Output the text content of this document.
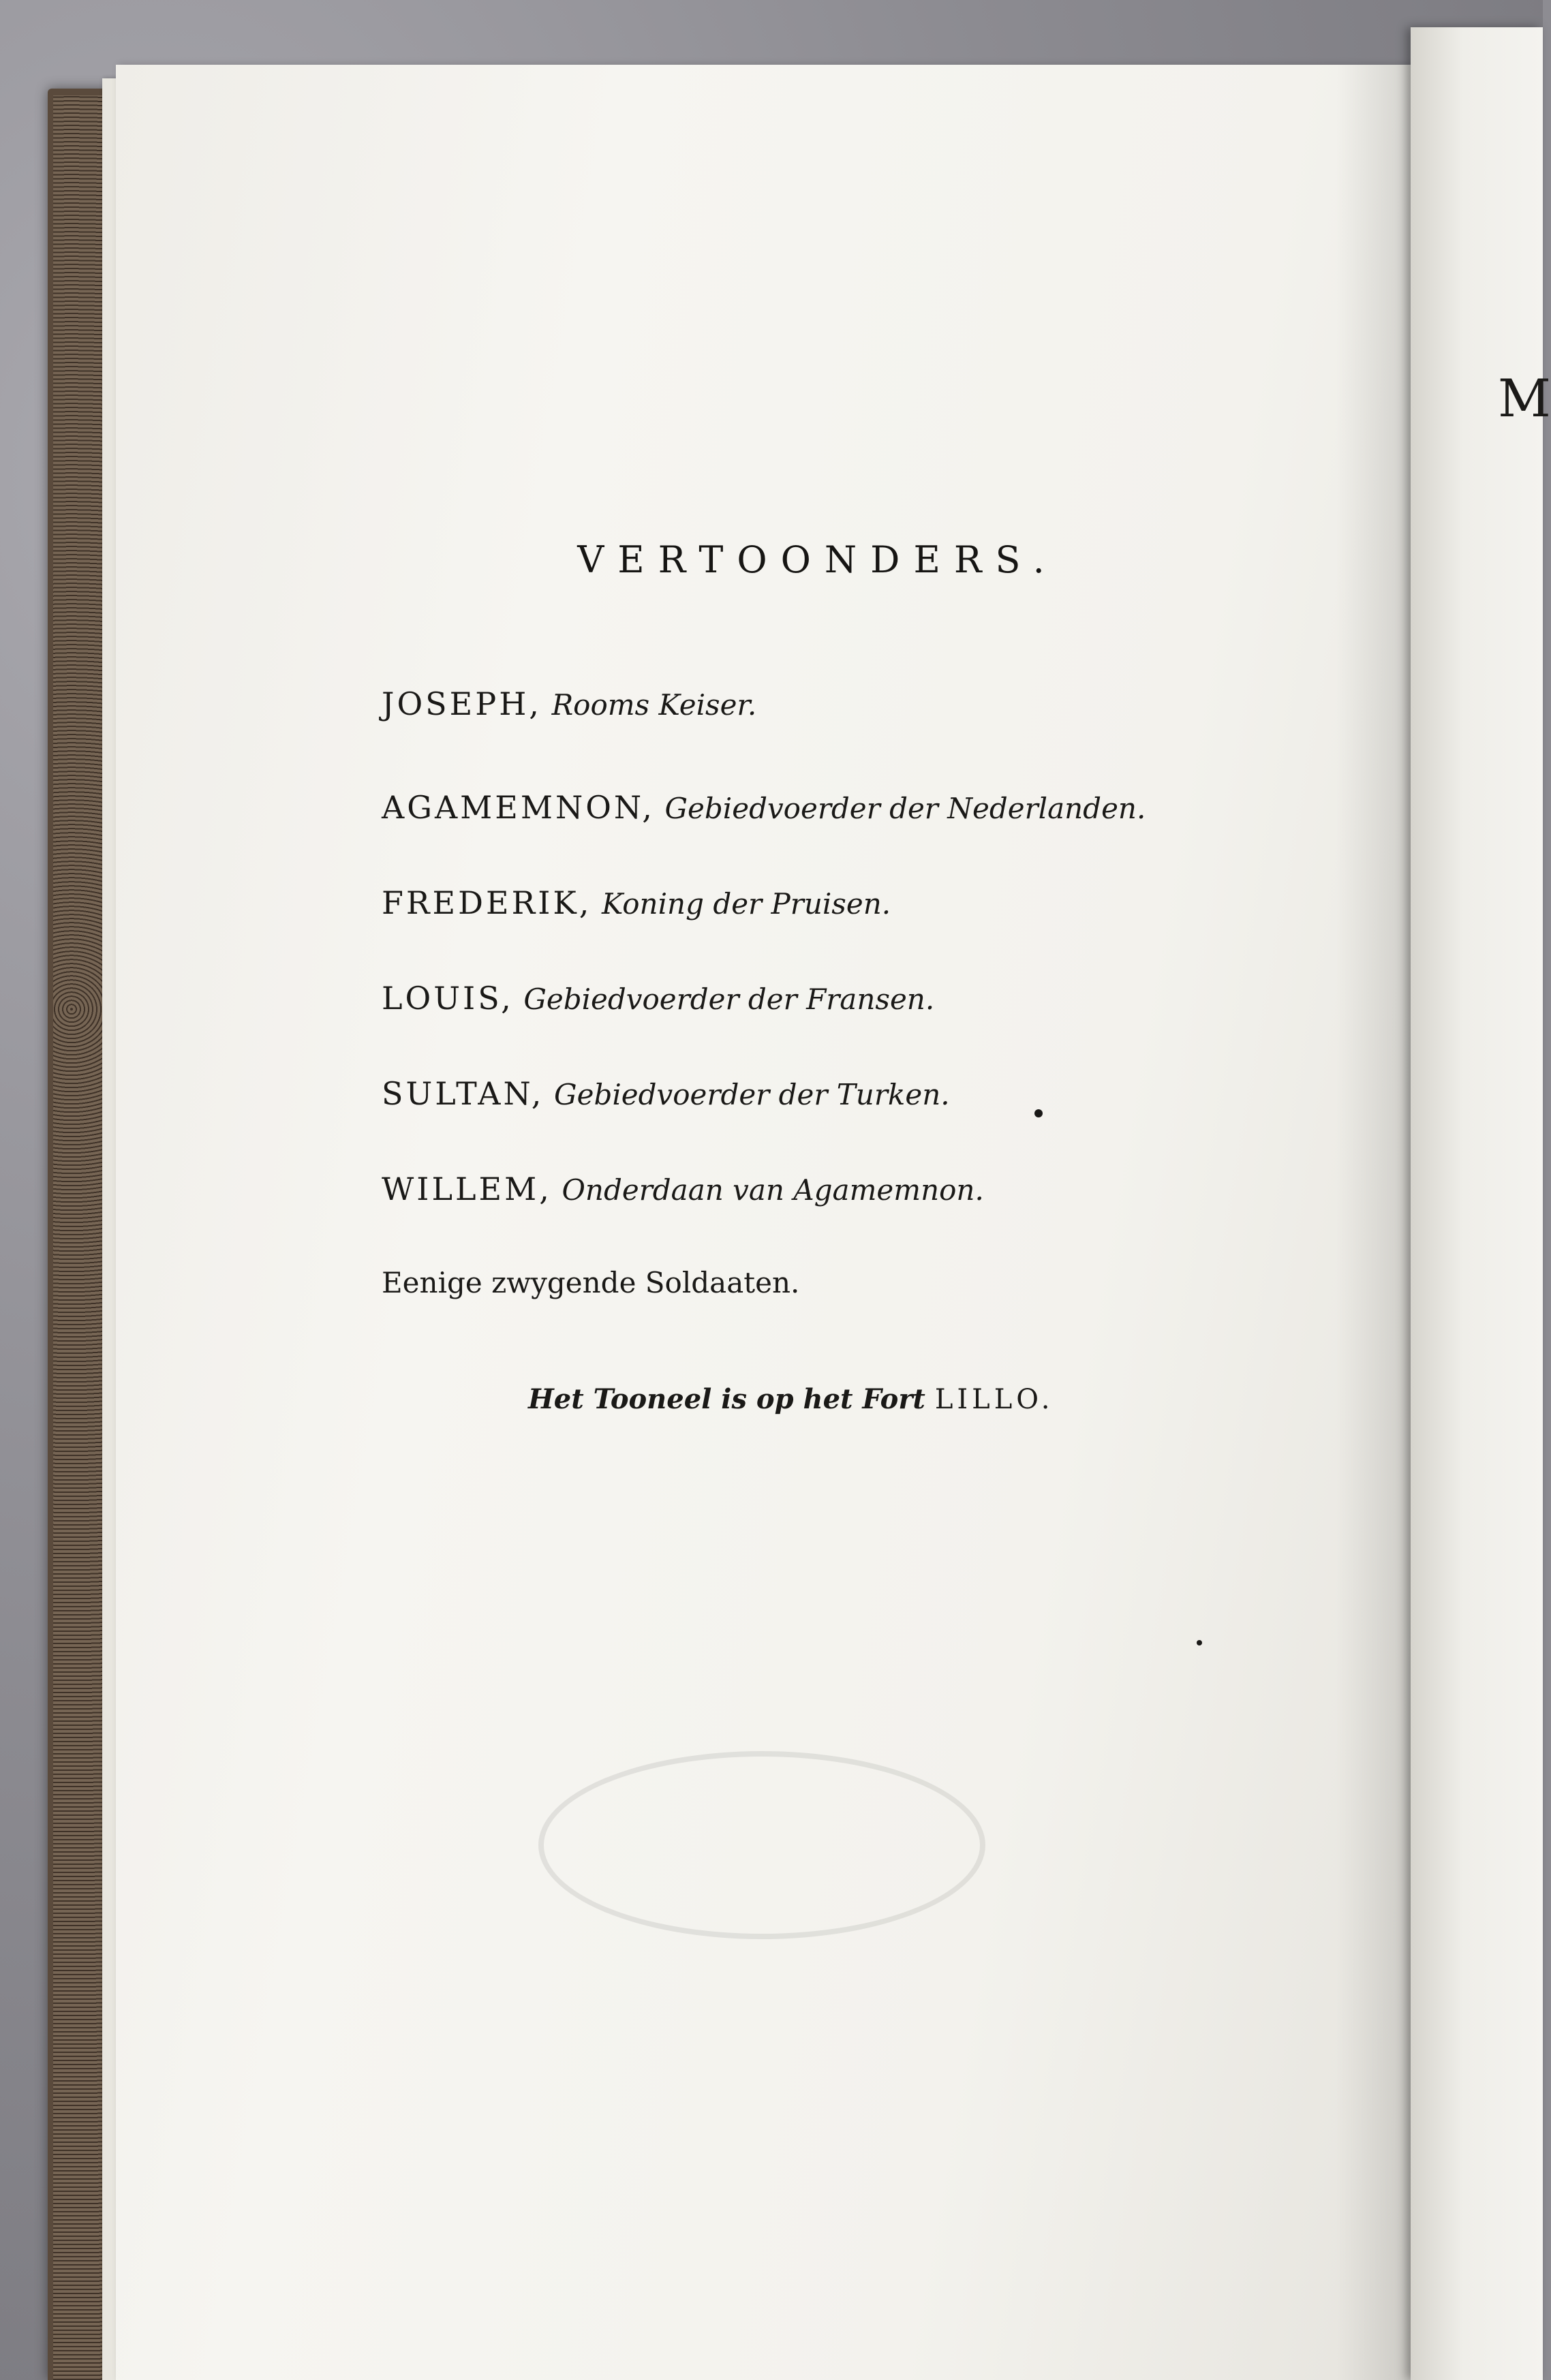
VERTOONDERS.
JOSEPH, Rooms Keiser.
AGAMEMNON, Gebiedvoerder der Nederlanden.
FREDERIK, Koning der Pruisen.
LOUIS, Gebiedvoerder der Fransen.
SULTAN, Gebiedvoerder der Turken.
WILLEM, Onderdaan van Agamemnon.
Eenige zwygende Soldaaten.
Het Tooneel is op het Fort LILLO.
M
